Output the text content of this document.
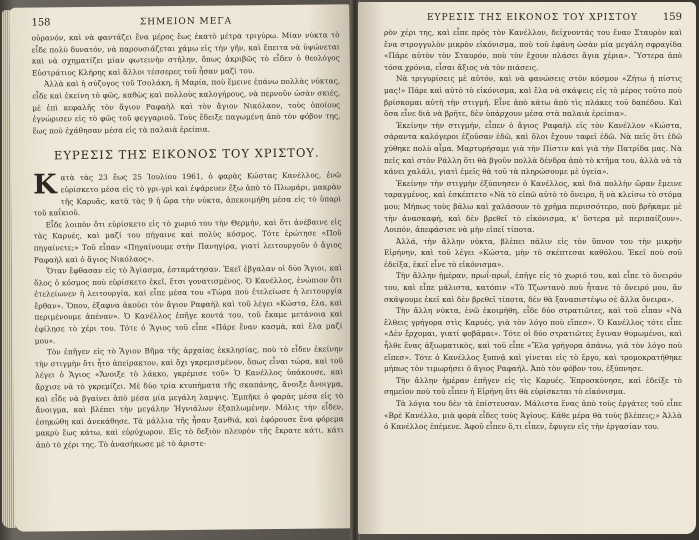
158	ΣΗΜΕΙΟΝ ΜΕΓΑ

οὐρανόν, καὶ νὰ φαντάζει ἕνα μέρος ἕως ἑκατὸ μέτρα τριγύρω. Μίαν νύκτα τὸ εἶδε πολὺ δυνατόν, νὰ παρουσιάζεται χάμω εἰς τὴν γῆν, καὶ ἔπειτα νὰ ὑψώνεται καὶ νὰ σχηματίζει μίαν φωτεινὴν στήλην, ὅπως ἀκριβῶς τὸ εἶδεν ὁ θεολόγος Εὐστράτιος Κλήρης καὶ ἄλλοι τέσσερες τοῦ ἦσαν μαζί του.

Ἀλλὰ καὶ ἡ σύζυγος τοῦ Τσολάκη, ἡ Μαρία, ποὺ ἔμεινε ἐπάνω πολλὰς νύκτας, εἶδε καὶ ἐκείνη τὸ φῶς, καθὼς καὶ πολλοὺς καλογήρους, νὰ περνοῦν ὡσὰν σκιές, μὲ ἐπὶ κεφαλῆς τὸν ἅγιον Ραφαὴλ καὶ τὸν ἅγιον Νικόλαον, τοὺς ὁποίους ἐγνώρισεν εἰς τὸ φῶς τοῦ φεγγαριοῦ. Τοὺς ἔδειξε παγωμένη ἀπὸ τὸν φόβον της, ἕως ποὺ ἐχάθησαν μέσα εἰς τὰ παλαιὰ ἐρείπια.

ΕΥΡΕΣΙΣ ΤΗΣ ΕΙΚΟΝΟΣ ΤΟΥ ΧΡΙΣΤΟΥ.

Κατὰ τὰς 23 ἕως 25 Ἰουλίου 1961, ὁ φαρὰς Κώστας Κανέλλος, ἐνῶ εὑρίσκετο μέσα εἰς τὸ γρι-γρὶ καὶ ἐψάρευεν ἔξω ἀπὸ τὸ Πλωμάρι, μακρὰν τῆς Καρυᾶς, κατὰ τὰς 9 ἡ ὥρα τὴν νύκτα, ἀπεκοιμήθη μέσα εἰς τὸ ὑπαρὶ τοῦ καΐκιοῦ.

Εἶδε λοιπὸν ὅτι εὑρίσκετο εἰς τὸ χωριό του τὴν Θερμήν, καὶ ὅτι ἀνέβαινε εἰς τὰς Καρυές, καὶ μαζί του πήγαινε καὶ πολὺς κόσμος. Τότε ἐρώτησε «Ποῦ πηγαίνετε;» Τοῦ εἶπαν «Πηγαίνουμε στὴν Πανηγίρα, γιατί λειτουργοῦν ὁ ἅγιος Ραφαὴλ καὶ ὁ ἅγιος Νικόλαος».

Ὅταν ἔφθασαν εἰς τὸ Ἁγίασμα, ἐσταμάτησαν. Ἐκεῖ ἐβγαλαν οἱ δύο Ἅγιοι, καὶ ὅλος ὁ κόσμος ποὺ εὑρίσκετο ἐκεῖ, ἔτσι γονατισμένος. Ὁ Κανέλλος, ἐνώπιον ὅτι ἐτελείωνεν ἡ λειτουργία, καὶ εἶπε μέσα του «Τώρα ποὺ ἐτελείωσε ἡ λειτουργία ἔρθαν». Ὅπου, ἐξαφνα ἀκούει τὸν ἅγιον Ραφαὴλ καὶ τοῦ λέγει «Κώστα, ἔλα, καὶ περιμένουμε ἀπέναν». Ὁ Κανέλλος ἐπῆγε κοντά του, τοῦ ἔκαμε μετάνοια καὶ ἐφίλησε τὸ χέρι του. Τότε ὁ Ἅγιος τοῦ εἶπε «Πάρε ἕναν κασμὰ, καὶ ἔλα μαζί μου».

Τὸν ἐπῆγεν εἰς τὸ Ἅγιον Βῆμα τῆς ἀρχαίας ἐκκλησίας, ποὺ τὸ εἶδεν ἐκείνην τὴν στιγμὴν ὅτι ἦτο ἀπείρακτον, καὶ ὅχι γκρεμισμένον, ὅπως εἶναι τώρα, καὶ τοῦ λέγει ὁ Ἅγιος «Ἄνοιξε τὸ λάκκο, γκρέμισε τοῦ» Ὁ Κανέλλος ὑπάκουσε, καὶ ἄρχισε νὰ τὸ γκρεμίζει. Μὲ δύο τρία κτυπήματα τῆς σκαπάνης, ἄνοιξε ἄνοιγμα, καὶ εἶδε νὰ βγαίνει ἀπὸ μέσα μία μεγάλη λαμψις. Ἐμπῆκε ὁ φαρὰς μέσα εἰς τὸ ἄνοιγμα, καὶ βλέπει τὴν μεγάλην Ἠγνιάλων ἐξαπλωμένην. Μόλις τὴν εἶδεν, ἐσηκώθη καὶ ἀνεκάθησε. Τὰ μάλλια τῆς ἦσαν ξανθιά, καὶ ἐφόρουσε ἕνα φόρεμα μακρὺ ἕως κάτω, καὶ εὐρύχωρον. Εἰς τὸ δεξιὸν πλευρὸν τῆς ἔκρατε κάτι, κάτι ἀπὸ τὸ χέρι της. Τὸ ἀνασήκωσε μὲ τὸ ἀριστε-

ΕΥΡΕΣΙΣ ΤΗΣ ΕΙΚΟΝΟΣ ΤΟΥ ΧΡΙΣΤΟΥ 159

ρὸν χέρι της, καὶ εἶπε πρὸς τὸν Κανέλλον, δείχνοντάς του ἕναν Σταυρὸν καὶ ἕνα στρογγυλὸν μικρὸν εἰκόνισμα, ποὺ τοῦ ἐφάνη ὡσὰν μία μεγάλη σφραγίδα «Πάρε αὐτὸν τὸν Σταυρόν, ποὺ τὸν ἔχουν πλάσει ἄγια χέρια». Ὕστερα ἀπὸ τόσα χρόνια, εἶσαι ἄξιος νὰ τὸν πιάσεις.

Νὰ τριγυρίσεις μὲ αὐτόν, καὶ νὰ φανώσεις στὸν κόσμον «Ζήτω ἡ πίστις μας!» Πάρε καὶ αὐτὸ τὸ εἰκόνισμα, καὶ ἔλα νὰ σκάψεις εἰς τὸ μέρος τοῦτο ποὺ βρίσκομαι αὐτὴ τὴν στιγμή. Εἶνε ἀπὸ κάτω ἀπὸ τὶς πλάκες τοῦ δαπέδου. Καὶ ὅσα εἶνε διὰ νὰ βρῆτε, δὲν ὑπάρχουν μέσα στὰ παλαιὰ ἐρείπια».

Ἐκείνην τὴν στιγμήν, εἶπεν ὁ ἅγιος Ραφαὴλ εἰς τὸν Κανέλλον «Κώστα, σάραντα καλόγεροι ἐζοῦσαν ἐδῶ, καὶ ὅλοι ἔχουν ταφεῖ ἐδῶ. Νὰ πεῖς ὅτι ἐδῶ χύθηκε πολὺ αἷμα. Μαρτυρήσαμε γιὰ τὴν Πίστιν καὶ γιὰ τὴν Πατρίδα μας. Νὰ πεῖς καὶ στὸν Ράλλη ὅτι θὰ βγοῦν πολλὰ δένδρα ἀπὸ τὸ κτῆμα του, ἀλλὰ νὰ τὰ κάνει χαλάλι, γιατὶ ἐμεῖς θὰ τοῦ τὰ πληρώσουμε μὲ ὑγεία».

Ἐκείνην τὴν στιγμὴν ἐξύπνησεν ὁ Κανέλλος, καὶ διὰ πολλὴν ὥραν ἔμεινε ταραγμένος, καὶ ἐσκέπτετο «Νὰ τὸ εἰπῶ αὐτὸ τὸ ὄνειρο, ἢ νὰ κλείσω τὸ στόμα μου; Μήπως τοὺς βάλω καὶ χαλάσουν τὸ χρῆμα περισσότερο, ποὺ βρῆκαμε μὲ τὴν ἀνασκαφή, καὶ δὲν βρεθεῖ τὸ εἰκόνισμα, κ' ὕστερα μὲ περιπαίζουν». Λοιπόν, ἀπεφάσισε νὰ μὴν εἰπεῖ τίποτα.

Ἀλλά, τὴν ἄλλην νύκτα, βλέπει πάλιν εἰς τὸν ὕπνον του τὴν μικρὴν Εἰρήνην, καὶ τοῦ λέγει «Κώστα, μὴν τὸ σκέπτεσαι καθόλου. Ἐκεῖ ποὺ σοῦ ἐδείξα, ἐκεῖ εἶνε τὸ εἰκόνισμα».

Τὴν ἄλλην ἡμέραν, πρωΐ-πρωΐ, ἐπῆγε εἰς τὸ χωριό του, καὶ εἶπε τὸ ὄνειρόν του, καὶ εἶπε μάλιστα, κατόπιν «Τὸ Τζωντανὸ ποὺ ἦτανε τὸ ὄνειρό μου, ἂν σκάψουμε ἐκεῖ καὶ δὲν βρεθεῖ τίποτα, δὲν θὰ ξαναπιστέψω σὲ ἄλλα ὄνειρα».

Τὴν ἄλλη νύκτα, ἐνῶ ἐκοιμήθη, εἶδε δύο στρατιῶτες, καὶ τοῦ εἶπαν «Νὰ ἔλθεις γρήγορα στὶς Καρυές, γιὰ τὸν λόγο ποὺ εἴπεσ». Ὁ Κανέλλος τότε εἶπε «Δὲν ἔρχομαι, γιατί φοβᾶμαι». Τότε οἱ δύο στρατιῶτες ἔγιναν θυμωμένοι, καὶ ἦλθε ἕνας ἀξιωματικὸς, καὶ τοῦ εἶπε «Ἔλα γρήγορα ἀπάνω, γιὰ τὸν λόγο ποὺ εἴπεσ». Τότε ὁ Κανέλλος ξυπνᾷ καὶ γίνεται εἰς τὸ ἔργο, καὶ τρομοκρατήθηκε μήπως τὸν τιμωρήσει ὁ ἅγιος Ραφαήλ. Ἀπὸ τὸν φόβον του, ἐξύπνησε.

Τὴν ἄλλην ἡμέραν ἐπῆγεν εἰς τὶς Καρυές. Ἐπροσκύνησε, καὶ ἐδείξε τὸ σημεῖον ποὺ τοῦ εἶπεν ἡ Εἰρήνη ὅτι θὰ εὑρίσκεται τὸ εἰκόνισμα.

Τὰ λόγια του δὲν τὰ ἐπίστευσαν. Μάλιστα ἕνας ἀπὸ τοὺς ἐργάτες τοῦ εἶπε «Βρὲ Κανέλλο, μιὰ φορὰ εἶδες τοὺς Ἁγίους. Κάθε μέρα θὰ τοὺς βλέπεις;» Ἀλλὰ ὁ Κανέλλος ἐπέμενε. Ἀφοῦ εἶπεν ὅ,τι εἶπεν, ἔφυγεν εἰς τὴν ἐργασίαν του.
